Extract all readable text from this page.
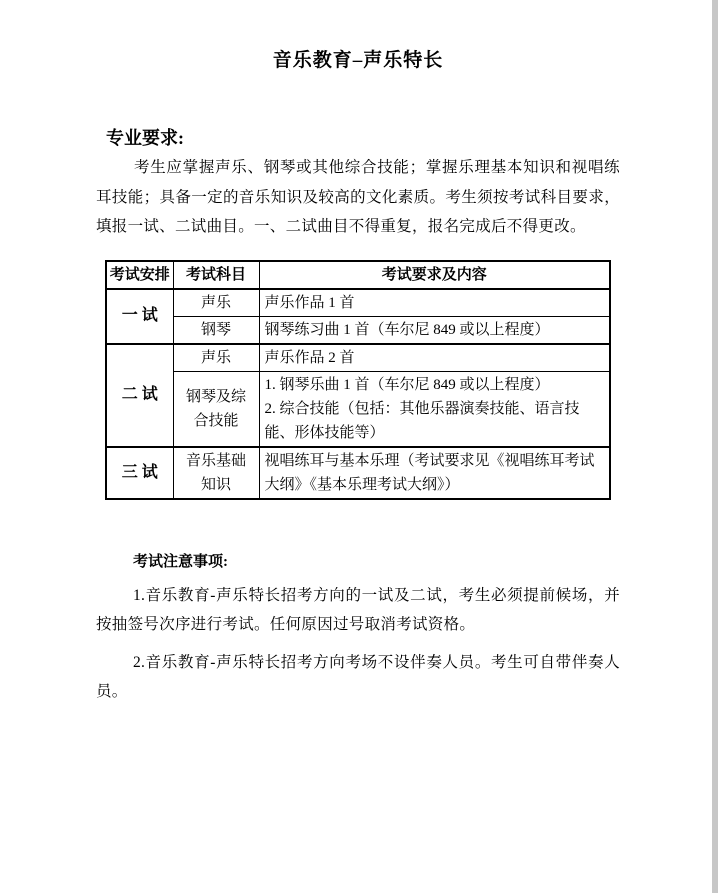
音乐教育–声乐特长
专业要求:

考生应掌握声乐、钢琴或其他综合技能；掌握乐理基本知识和视唱练耳技能；具备一定的音乐知识及较高的文化素质。考生须按考试科目要求，填报一试、二试曲目。一、二试曲目不得重复，报名完成后不得更改。

考试安排	考试科目	考试要求及内容
一 试	声乐	声乐作品 1 首
	钢琴	钢琴练习曲 1 首（车尔尼 849 或以上程度）
二 试	声乐	声乐作品 2 首
	钢琴及综合技能	1. 钢琴乐曲 1 首（车尔尼 849 或以上程度）
2. 综合技能（包括：其他乐器演奏技能、语言技能、形体技能等）

三 试	音乐基础知识	视唱练耳与基本乐理（考试要求见《视唱练耳考试大纲》《基本乐理考试大纲》）
考试注意事项:

1.音乐教育-声乐特长招考方向的一试及二试，考生必须提前候场，并按抽签号次序进行考试。任何原因过号取消考试资格。

2.音乐教育-声乐特长招考方向考场不设伴奏人员。考生可自带伴奏人员。
